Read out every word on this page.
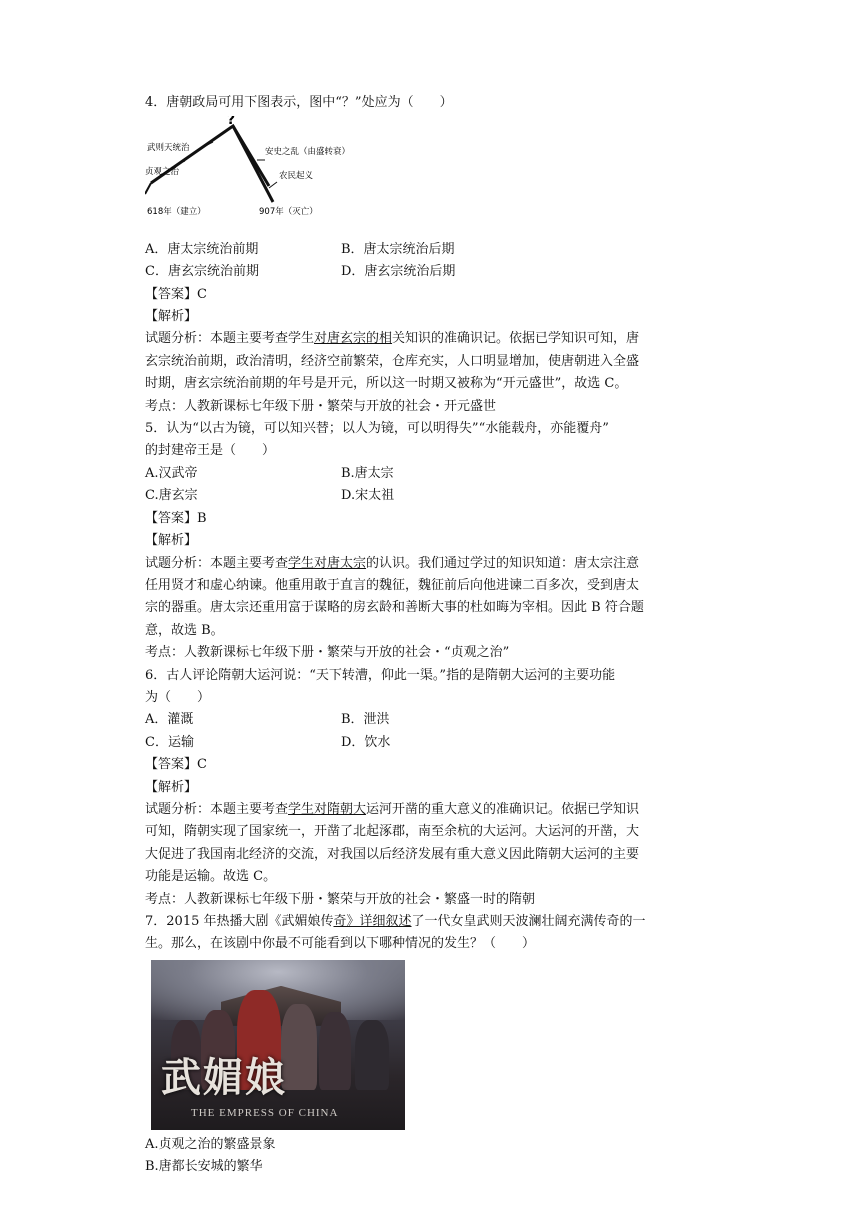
4．唐朝政局可用下图表示，图中“？”处应为（　　）
?
武则天统治
贞观之治
安史之乱（由盛转衰）
农民起义
618年（建立）	907年（灭亡）
A．唐太宗统治前期	B．唐太宗统治后期
C．唐玄宗统治前期	D．唐玄宗统治后期
【答案】C
【解析】
试题分析：本题主要考查学生对唐玄宗的相关知识的准确识记。依据已学知识可知，唐
玄宗统治前期，政治清明，经济空前繁荣，仓库充实，人口明显增加，使唐朝进入全盛
时期，唐玄宗统治前期的年号是开元，所以这一时期又被称为“开元盛世”，故选 C。
考点：人教新课标七年级下册・繁荣与开放的社会・开元盛世
5．认为“以古为镜，可以知兴替；以人为镜，可以明得失”“水能载舟，亦能覆舟”
的封建帝王是（　　）
A.汉武帝	B.唐太宗
C.唐玄宗	D.宋太祖
【答案】B
【解析】
试题分析：本题主要考查学生对唐太宗的认识。我们通过学过的知识知道：唐太宗注意
任用贤才和虚心纳谏。他重用敢于直言的魏征，魏征前后向他进谏二百多次，受到唐太
宗的器重。唐太宗还重用富于谋略的房玄龄和善断大事的杜如晦为宰相。因此 B 符合题
意，故选 B。
考点：人教新课标七年级下册・繁荣与开放的社会・“贞观之治”
6．古人评论隋朝大运河说：“天下转漕，仰此一渠。”指的是隋朝大运河的主要功能
为（　　）
A．灌溉	B．泄洪
C．运输	D．饮水
【答案】C
【解析】
试题分析：本题主要考查学生对隋朝大运河开凿的重大意义的准确识记。依据已学知识
可知，隋朝实现了国家统一，开凿了北起涿郡，南至余杭的大运河。大运河的开凿，大
大促进了我国南北经济的交流，对我国以后经济发展有重大意义因此隋朝大运河的主要
功能是运输。故选 C。
考点：人教新课标七年级下册・繁荣与开放的社会・繁盛一时的隋朝
7．2015 年热播大剧《武媚娘传奇》详细叙述了一代女皇武则天波澜壮阔充满传奇的一
生。那么，在该剧中你最不可能看到以下哪种情况的发生？（　　）
武媚娘
THE EMPRESS OF CHINA
A.贞观之治的繁盛景象
B.唐都长安城的繁华
